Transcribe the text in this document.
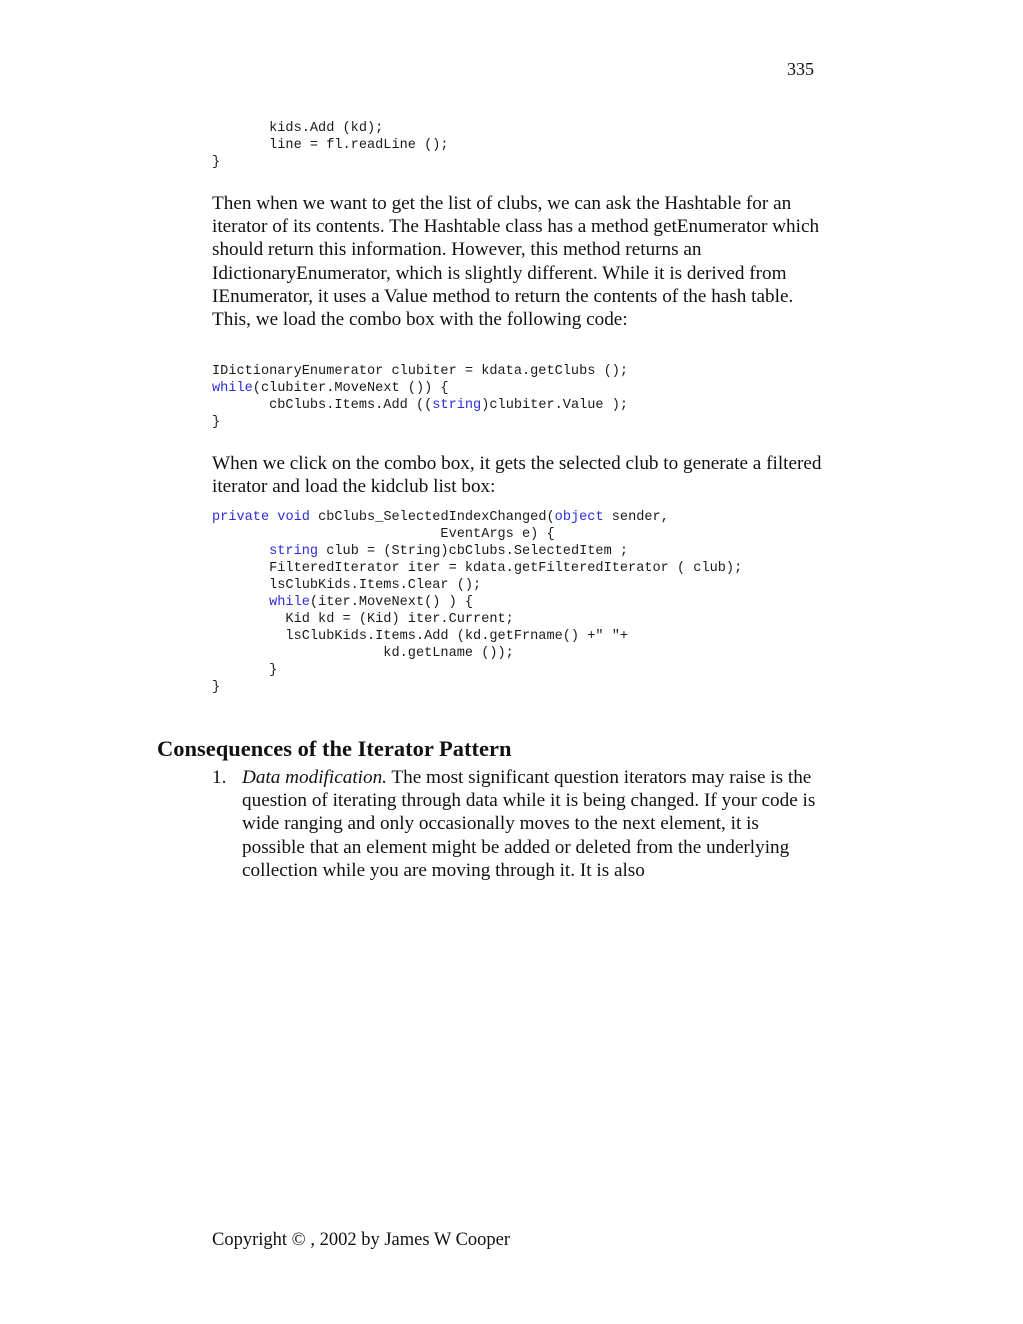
335
kids.Add (kd);
line = fl.readLine ();
}

Then when we want to get the list of clubs, we can ask the Hashtable for an iterator of its contents. The Hashtable class has a method getEnumerator which should return this information. However, this method returns an IdictionaryEnumerator, which is slightly different. While it is derived from IEnumerator, it uses a Value method to return the contents of the hash table. This, we load the combo box with the following code:

IDictionaryEnumerator clubiter = kdata.getClubs ();
while(clubiter.MoveNext ()) {
cbClubs.Items.Add ((string)clubiter.Value );
}

When we click on the combo box, it gets the selected club to generate a filtered iterator and load the kidclub list box:

private void cbClubs_SelectedIndexChanged(object sender,
EventArgs e) {
string club = (String)cbClubs.SelectedItem ;
FilteredIterator iter = kdata.getFilteredIterator ( club);
lsClubKids.Items.Clear ();
while(iter.MoveNext() ) {
Kid kd = (Kid) iter.Current;
lsClubKids.Items.Add (kd.getFrname() +" "+
kd.getLname ());
}
}
Consequences of the Iterator Pattern
1. Data modification. The most significant question iterators may raise is the question of iterating through data while it is being changed. If your code is wide ranging and only occasionally moves to the next element, it is possible that an element might be added or deleted from the underlying collection while you are moving through it. It is also
Copyright © , 2002 by James W Cooper
